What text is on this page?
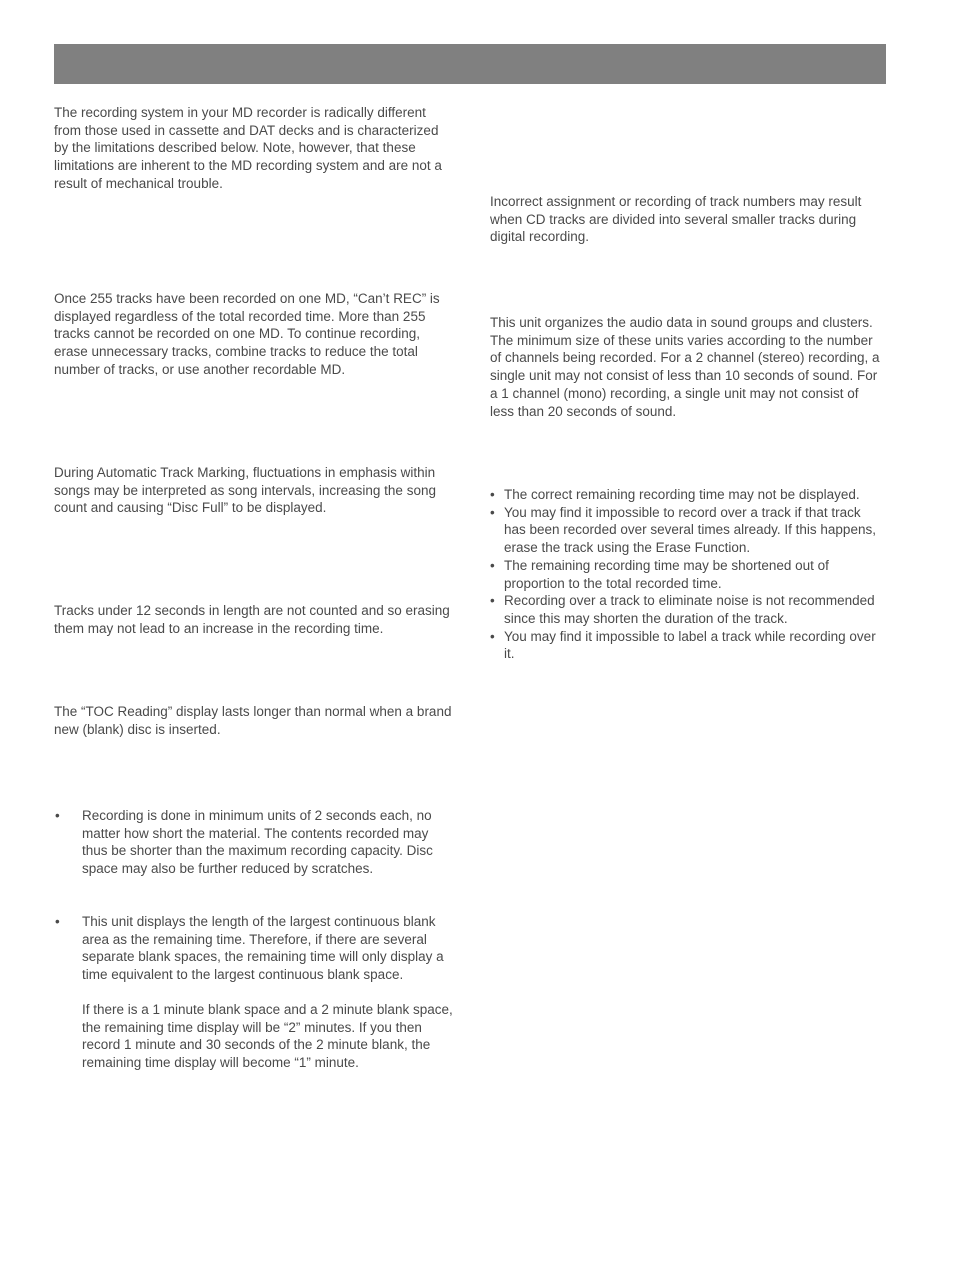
The recording system in your MD recorder is radically different from those used in cassette and DAT decks and is characterized by the limitations described below. Note, however, that these limitations are inherent to the MD recording system and are not a result of mechanical trouble.

Once 255 tracks have been recorded on one MD, “Can’t REC” is displayed regardless of the total recorded time. More than 255 tracks cannot be recorded on one MD. To continue recording, erase unnecessary tracks, combine tracks to reduce the total number of tracks, or use another recordable MD.

During Automatic Track Marking, fluctuations in emphasis within songs may be interpreted as song intervals, increasing the song count and causing “Disc Full” to be displayed.

Tracks under 12 seconds in length are not counted and so erasing them may not lead to an increase in the recording time.

The “TOC Reading” display lasts longer than normal when a brand new (blank) disc is inserted.

• Recording is done in minimum units of 2 seconds each, no matter how short the material. The contents recorded may thus be shorter than the maximum recording capacity. Disc space may also be further reduced by scratches.
• This unit displays the length of the largest continuous blank area as the remaining time. Therefore, if there are several separate blank spaces, the remaining time will only display a time equivalent to the largest continuous blank space.

If there is a 1 minute blank space and a 2 minute blank space, the remaining time display will be “2” minutes. If you then record 1 minute and 30 seconds of the 2 minute blank, the remaining time display will become “1” minute.

Incorrect assignment or recording of track numbers may result when CD tracks are divided into several smaller tracks during digital recording.

This unit organizes the audio data in sound groups and clusters. The minimum size of these units varies according to the number of channels being recorded. For a 2 channel (stereo) recording, a single unit may not consist of less than 10 seconds of sound. For a 1 channel (mono) recording, a single unit may not consist of less than 20 seconds of sound.

• The correct remaining recording time may not be displayed.

• You may find it impossible to record over a track if that track has been recorded over several times already. If this happens, erase the track using the Erase Function.

• The remaining recording time may be shortened out of proportion to the total recorded time.

• Recording over a track to eliminate noise is not recommended since this may shorten the duration of the track.

• You may find it impossible to label a track while recording over it.
